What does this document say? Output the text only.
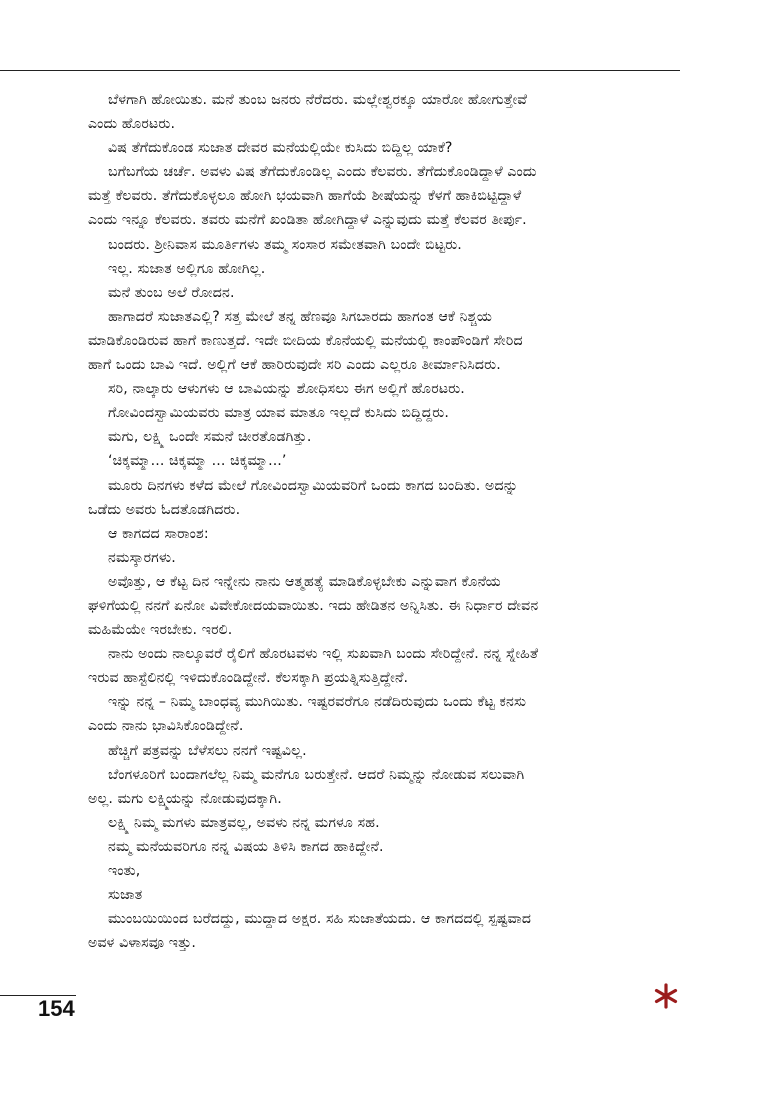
ಬೆಳಗಾಗಿ ಹೋಯಿತು. ಮನೆ ತುಂಬ ಜನರು ನೆರೆದರು. ಮಲ್ಲೇಶ್ವರಕ್ಕೂ ಯಾರೋ ಹೋಗುತ್ತೇವೆ
ಎಂದು ಹೊರಟರು.
ವಿಷ ತೆಗೆದುಕೊಂಡ ಸುಜಾತ ದೇವರ ಮನೆಯಲ್ಲಿಯೇ ಕುಸಿದು ಬಿದ್ದಿಲ್ಲ ಯಾಕೆ?
ಬಗೆಬಗೆಯ ಚರ್ಚೆ. ಅವಳು ವಿಷ ತೆಗೆದುಕೊಂಡಿಲ್ಲ ಎಂದು ಕೆಲವರು. ತೆಗೆದುಕೊಂಡಿದ್ದಾಳೆ ಎಂದು
ಮತ್ತೆ ಕೆಲವರು. ತೆಗೆದುಕೊಳ್ಳಲೂ ಹೋಗಿ ಭಯವಾಗಿ ಹಾಗೆಯೆ ಶೀಷೆಯನ್ನು ಕೆಳಗೆ ಹಾಕಿಬಿಟ್ಟಿದ್ದಾಳೆ
ಎಂದು ಇನ್ನೂ ಕೆಲವರು. ತವರು ಮನೆಗೆ ಖಂಡಿತಾ ಹೋಗಿದ್ದಾಳೆ ಎನ್ನುವುದು ಮತ್ತೆ ಕೆಲವರ ತೀರ್ಪು.
ಬಂದರು. ಶ್ರೀನಿವಾಸ ಮೂರ್ತಿಗಳು ತಮ್ಮ ಸಂಸಾರ ಸಮೇತವಾಗಿ ಬಂದೇ ಬಿಟ್ಟರು.
ಇಲ್ಲ. ಸುಜಾತ ಅಲ್ಲಿಗೂ ಹೋಗಿಲ್ಲ.
ಮನೆ ತುಂಬ ಅಲೆ ರೋದನ.
ಹಾಗಾದರೆ ಸುಜಾತಎಲ್ಲಿ? ಸತ್ತ ಮೇಲೆ ತನ್ನ ಹೆಣವೂ ಸಿಗಬಾರದು ಹಾಗಂತ ಆಕೆ ನಿಶ್ಚಯ
ಮಾಡಿಕೊಂಡಿರುವ ಹಾಗೆ ಕಾಣುತ್ತದೆ. ಇದೇ ಬೀದಿಯ ಕೊನೆಯಲ್ಲಿ ಮನೆಯಲ್ಲಿ ಕಾಂಪೌಂಡಿಗೆ ಸೇರಿದ
ಹಾಗೆ ಒಂದು ಬಾವಿ ಇದೆ. ಅಲ್ಲಿಗೆ ಆಕೆ ಹಾರಿರುವುದೇ ಸರಿ ಎಂದು ಎಲ್ಲರೂ ತೀರ್ಮಾನಿಸಿದರು.
ಸರಿ, ನಾಲ್ಕಾರು ಆಳುಗಳು ಆ ಬಾವಿಯನ್ನು ಶೋಧಿಸಲು ಈಗ ಅಲ್ಲಿಗೆ ಹೊರಟರು.
ಗೋವಿಂದಸ್ವಾಮಿಯವರು ಮಾತ್ರ ಯಾವ ಮಾತೂ ಇಲ್ಲದೆ ಕುಸಿದು ಬಿದ್ದಿದ್ದರು.
ಮಗು, ಲಕ್ಷ್ಮಿ ಒಂದೇ ಸಮನೆ ಚೀರತೊಡಗಿತ್ತು.
‘ಚಿಕ್ಕಮ್ಮಾ... ಚಿಕ್ಕಮ್ಮಾ ... ಚಿಕ್ಕಮ್ಮಾ...’
ಮೂರು ದಿನಗಳು ಕಳೆದ ಮೇಲೆ ಗೋವಿಂದಸ್ವಾಮಿಯವರಿಗೆ ಒಂದು ಕಾಗದ ಬಂದಿತು. ಅದನ್ನು
ಒಡೆದು ಅವರು ಓದತೊಡಗಿದರು.
ಆ ಕಾಗದದ ಸಾರಾಂಶ:
ನಮಸ್ಕಾರಗಳು.
ಅವೊತ್ತು, ಆ ಕೆಟ್ಟ ದಿನ ಇನ್ನೇನು ನಾನು ಆತ್ಮಹತ್ಯೆ ಮಾಡಿಕೊಳ್ಳಬೇಕು ಎನ್ನುವಾಗ ಕೊನೆಯ
ಘಳಿಗೆಯಲ್ಲಿ ನನಗೆ ಏನೋ ವಿವೇಕೋದಯವಾಯಿತು. ಇದು ಹೇಡಿತನ ಅನ್ನಿಸಿತು. ಈ ನಿರ್ಧಾರ ದೇವನ
ಮಹಿಮೆಯೇ ಇರಬೇಕು. ಇರಲಿ.
ನಾನು ಅಂದು ನಾಲ್ಕೂವರೆ ರೈಲಿಗೆ ಹೊರಟವಳು ಇಲ್ಲಿ ಸುಖವಾಗಿ ಬಂದು ಸೇರಿದ್ದೇನೆ. ನನ್ನ ಸ್ನೇಹಿತೆ
ಇರುವ ಹಾಸ್ಟೆಲಿನಲ್ಲಿ ಇಳಿದುಕೊಂಡಿದ್ದೇನೆ. ಕೆಲಸಕ್ಕಾಗಿ ಪ್ರಯತ್ನಿಸುತ್ತಿದ್ದೇನೆ.
ಇನ್ನು ನನ್ನ – ನಿಮ್ಮ ಬಾಂಧವ್ಯ ಮುಗಿಯಿತು. ಇಷ್ಟರವರೆಗೂ ನಡೆದಿರುವುದು ಒಂದು ಕೆಟ್ಟ ಕನಸು
ಎಂದು ನಾನು ಭಾವಿಸಿಕೊಂಡಿದ್ದೇನೆ.
ಹೆಚ್ಚಿಗೆ ಪತ್ರವನ್ನು ಬೆಳೆಸಲು ನನಗೆ ಇಷ್ಟವಿಲ್ಲ.
ಬೆಂಗಳೂರಿಗೆ ಬಂದಾಗಲೆಲ್ಲ ನಿಮ್ಮ ಮನೆಗೂ ಬರುತ್ತೇನೆ. ಆದರೆ ನಿಮ್ಮನ್ನು ನೋಡುವ ಸಲುವಾಗಿ
ಅಲ್ಲ. ಮಗು ಲಕ್ಷ್ಮಿಯನ್ನು ನೋಡುವುದಕ್ಕಾಗಿ.
ಲಕ್ಷ್ಮಿ ನಿಮ್ಮ ಮಗಳು ಮಾತ್ರವಲ್ಲ, ಅವಳು ನನ್ನ ಮಗಳೂ ಸಹ.
ನಮ್ಮ ಮನೆಯವರಿಗೂ ನನ್ನ ವಿಷಯ ತಿಳಿಸಿ ಕಾಗದ ಹಾಕಿದ್ದೇನೆ.
ಇಂತು,
ಸುಜಾತ
ಮುಂಬಯಿಯಿಂದ ಬರೆದದ್ದು, ಮುದ್ದಾದ ಅಕ್ಷರ. ಸಹಿ ಸುಜಾತೆಯದು. ಆ ಕಾಗದದಲ್ಲಿ ಸ್ಪಷ್ಟವಾದ
ಅವಳ ವಿಳಾಸವೂ ಇತ್ತು.
154
